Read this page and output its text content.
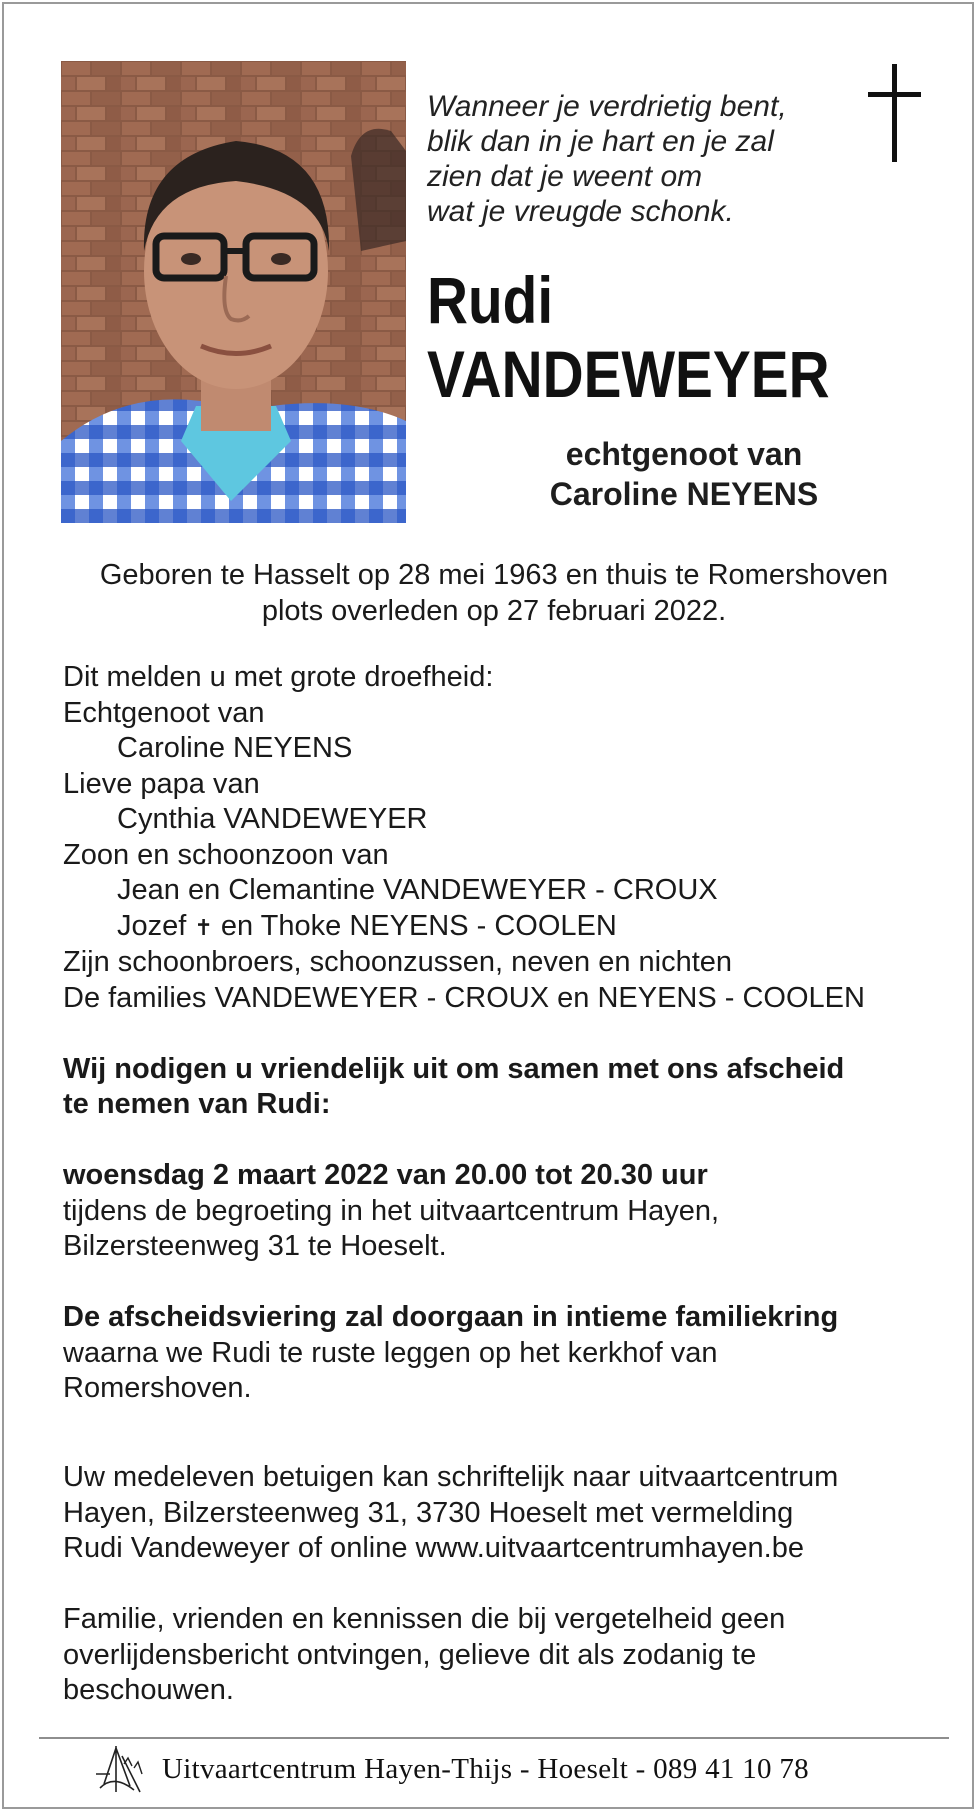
Wanneer je verdrietig bent,
blik dan in je hart en je zal
zien dat je weent om
wat je vreugde schonk.
Rudi
VANDEWEYER
echtgenoot van
Caroline NEYENS
Geboren te Hasselt op 28 mei 1963 en thuis te Romershoven
plots overleden op 27 februari 2022.
Dit melden u met grote droefheid:
Echtgenoot van
Caroline NEYENS
Lieve papa van
Cynthia VANDEWEYER
Zoon en schoonzoon van
Jean en Clemantine VANDEWEYER - CROUX
Jozef ✝ en Thoke NEYENS - COOLEN
Zijn schoonbroers, schoonzussen, neven en nichten
De families VANDEWEYER - CROUX en NEYENS - COOLEN
Wij nodigen u vriendelijk uit om samen met ons afscheid
te nemen van Rudi:
woensdag 2 maart 2022 van 20.00 tot 20.30 uur
tijdens de begroeting in het uitvaartcentrum Hayen,
Bilzersteenweg 31 te Hoeselt.
De afscheidsviering zal doorgaan in intieme familiekring
waarna we Rudi te ruste leggen op het kerkhof van
Romershoven.
Uw medeleven betuigen kan schriftelijk naar uitvaartcentrum
Hayen, Bilzersteenweg 31, 3730 Hoeselt met vermelding
Rudi Vandeweyer of online www.uitvaartcentrumhayen.be
Familie, vrienden en kennissen die bij vergetelheid geen
overlijdensbericht ontvingen, gelieve dit als zodanig te
beschouwen.
Uitvaartcentrum Hayen-Thijs - Hoeselt - 089 41 10 78
